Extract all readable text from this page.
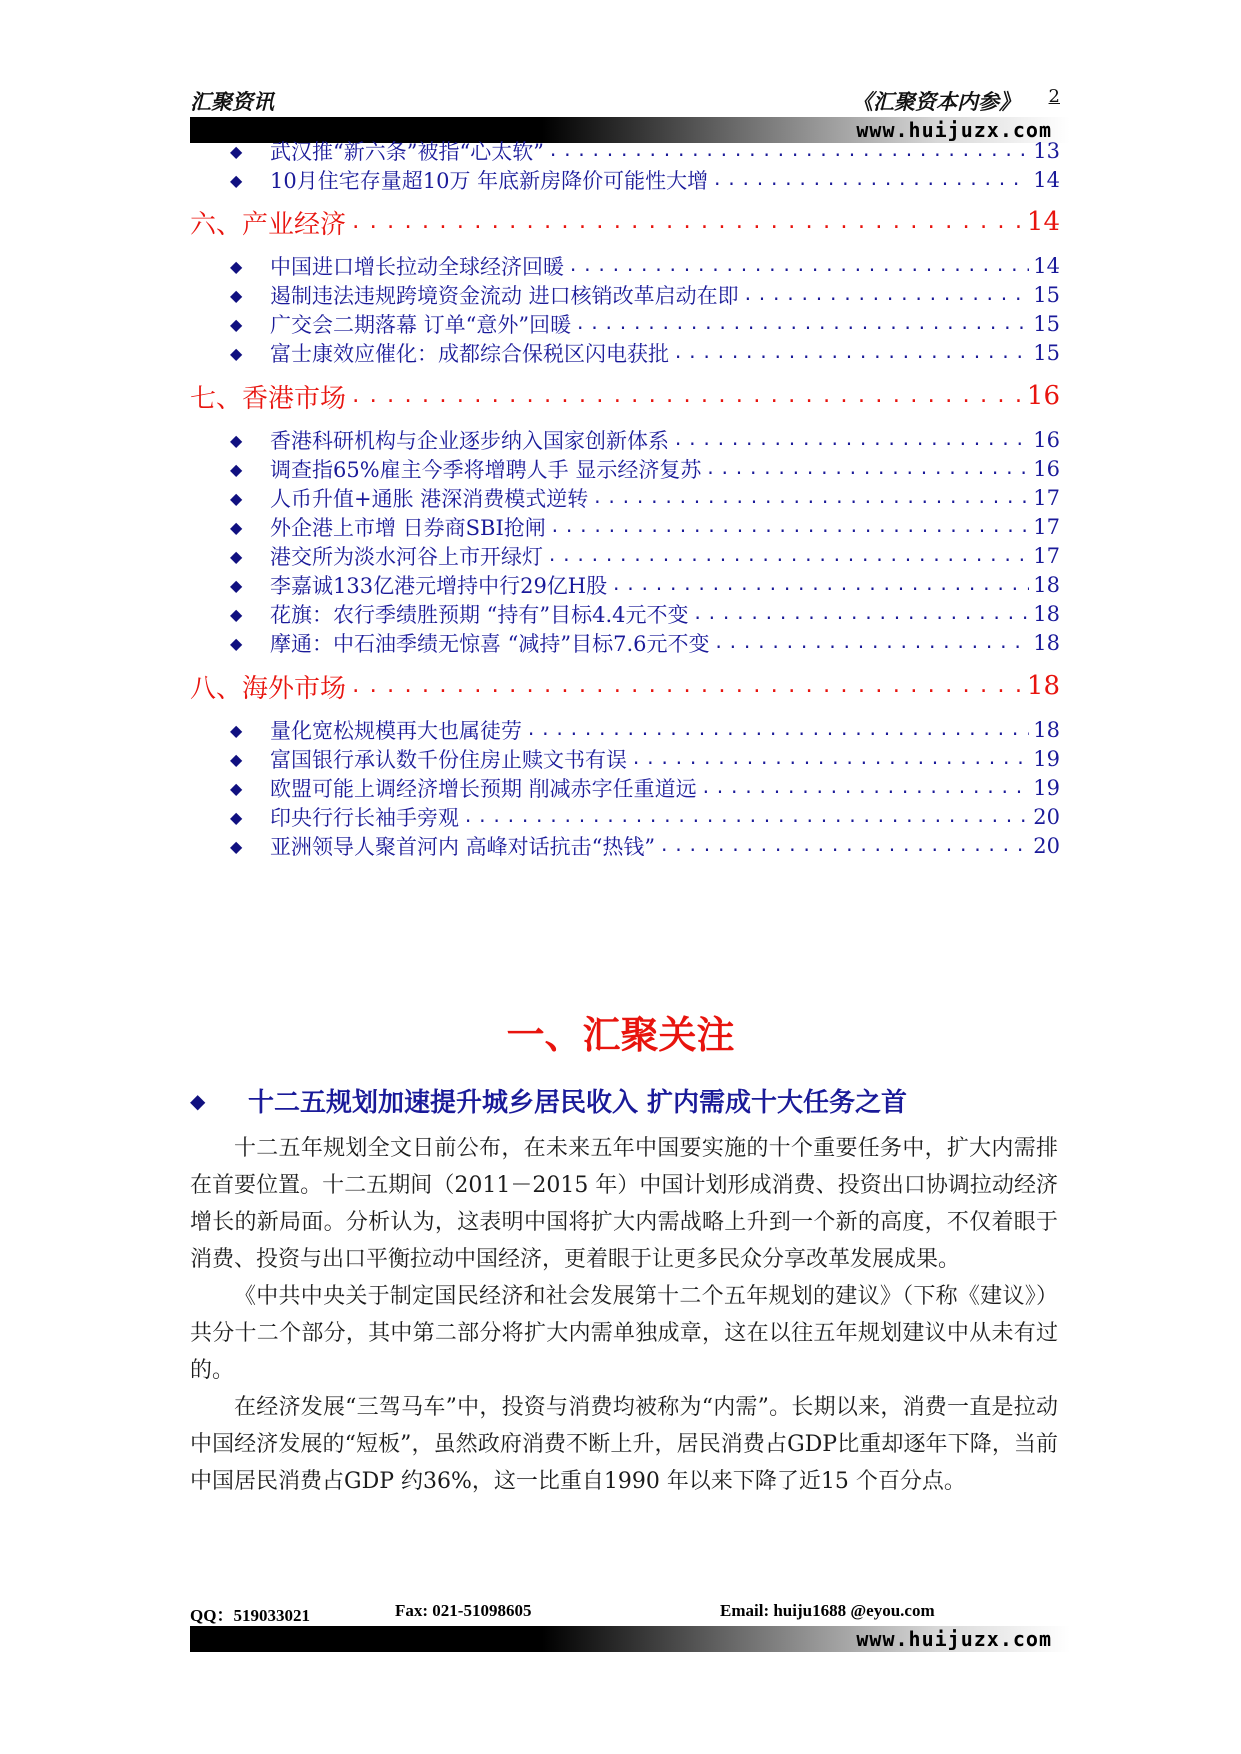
汇聚资讯	《汇聚资本内参》 2
www.huijuzx.com
◆	武汉推“新六条”被指“心太软” .....	13
◆	10月住宅存量超10万 年底新房降价可能性大增 .....	14
六、产业经济 .....	14
◆	中国进口增长拉动全球经济回暖 .....	14
◆	遏制违法违规跨境资金流动 进口核销改革启动在即 .....	15
◆	广交会二期落幕 订单“意外”回暖 .....	15
◆	富士康效应催化：成都综合保税区闪电获批 .....	15
七、香港市场 .....	16
◆	香港科研机构与企业逐步纳入国家创新体系 .....	16
◆	调查指65%雇主今季将增聘人手 显示经济复苏 .....	16
◆	人币升值+通胀 港深消费模式逆转 .....	17
◆	外企港上市增 日券商SBI抢闸 .....	17
◆	港交所为淡水河谷上市开绿灯 .....	17
◆	李嘉诚133亿港元增持中行29亿H股 .....	18
◆	花旗：农行季绩胜预期 “持有”目标4.4元不变 .....	18
◆	摩通：中石油季绩无惊喜 “减持”目标7.6元不变 .....	18
八、海外市场 .....	18
◆	量化宽松规模再大也属徒劳 .....	18
◆	富国银行承认数千份住房止赎文书有误 .....	19
◆	欧盟可能上调经济增长预期 削减赤字任重道远 .....	19
◆	印央行行长袖手旁观 .....	20
◆	亚洲领导人聚首河内 高峰对话抗击“热钱” .....	20
一、汇聚关注
◆	十二五规划加速提升城乡居民收入 扩内需成十大任务之首

十二五年规划全文日前公布，在未来五年中国要实施的十个重要任务中，扩大内需排在首要位置。十二五期间（2011－2015 年）中国计划形成消费、投资出口协调拉动经济增长的新局面。分析认为，这表明中国将扩大内需战略上升到一个新的高度，不仅着眼于消费、投资与出口平衡拉动中国经济，更着眼于让更多民众分享改革发展成果。

《中共中央关于制定国民经济和社会发展第十二个五年规划的建议》（下称《建议》）共分十二个部分，其中第二部分将扩大内需单独成章，这在以往五年规划建议中从未有过的。

在经济发展“三驾马车”中，投资与消费均被称为“内需”。长期以来，消费一直是拉动中国经济发展的“短板”，虽然政府消费不断上升，居民消费占GDP比重却逐年下降，当前中国居民消费占GDP 约36%，这一比重自1990 年以来下降了近15 个百分点。

QQ：519033021	Fax: 021-51098605	Email: huiju1688 @eyou.com
www.huijuzx.com
